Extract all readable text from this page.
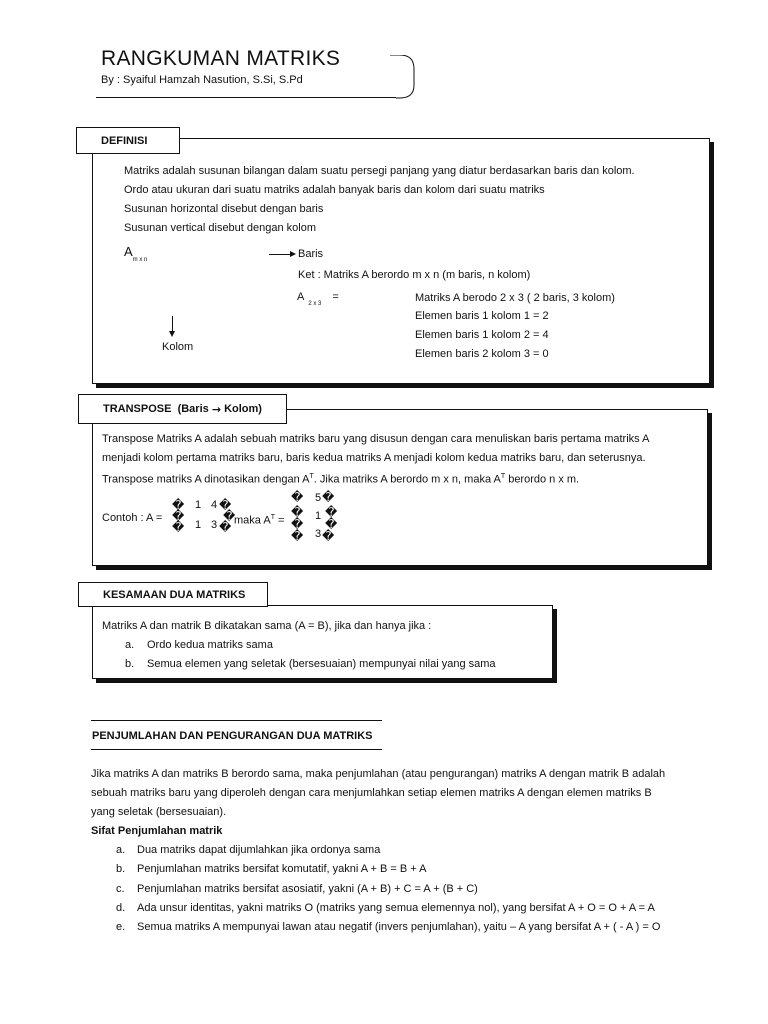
RANGKUMAN MATRIKS
By : Syaiful Hamzah Nasution, S.Si, S.Pd
DEFINISI
Matriks adalah susunan bilangan dalam suatu persegi panjang yang diatur berdasarkan baris dan kolom.
Ordo atau ukuran dari suatu matriks adalah banyak baris dan kolom dari suatu matriks
Susunan horizontal disebut dengan baris
Susunan vertical disebut dengan kolom
$A_{m x n}$	Baris
Ket : Matriks A berordo m x n (m baris, n kolom)
$A_{2 x 3}$ =	Matriks A berodo 2 x 3 ( 2 baris, 3 kolom)
Elemen baris 1 kolom 1 = 2
Elemen baris 1 kolom 2 = 4
Elemen baris 2 kolom 3 = 0
Kolom
TRANSPOSE  (Baris → Kolom)
Transpose Matriks A adalah sebuah matriks baru yang disusun dengan cara menuliskan baris pertama matriks A
menjadi kolom pertama matriks baru, baris kedua matriks A menjadi kolom kedua matriks baru, dan seterusnya.
Transpose matriks A dinotasikan dengan $A^T$. Jika matriks A berordo m x n, maka $A^T$ berordo n x m.
Contoh : A =
�
�
�
1 4
1 3
�
�
� maka $A^T$ =
�
�
�
�
5
1
3
�
�
�
�
KESAMAAN DUA MATRIKS
Matriks A dan matrik B dikatakan sama (A = B), jika dan hanya jika :
a. Ordo kedua matriks sama
b. Semua elemen yang seletak (bersesuaian) mempunyai nilai yang sama
PENJUMLAHAN DAN PENGURANGAN DUA MATRIKS
Jika matriks A dan matriks B berordo sama, maka penjumlahan (atau pengurangan) matriks A dengan matrik B adalah
sebuah matriks baru yang diperoleh dengan cara menjumlahkan setiap elemen matriks A dengan elemen matriks B
yang seletak (bersesuaian).
Sifat Penjumlahan matrik
a. Dua matriks dapat dijumlahkan jika ordonya sama
b. Penjumlahan matriks bersifat komutatif, yakni A + B = B + A
c. Penjumlahan matriks bersifat asosiatif, yakni (A + B) + C = A + (B + C)
d. Ada unsur identitas, yakni matriks O (matriks yang semua elemennya nol), yang bersifat A + O = O + A = A
e. Semua matriks A mempunyai lawan atau negatif (invers penjumlahan), yaitu – A yang bersifat A + ( - A ) = O
